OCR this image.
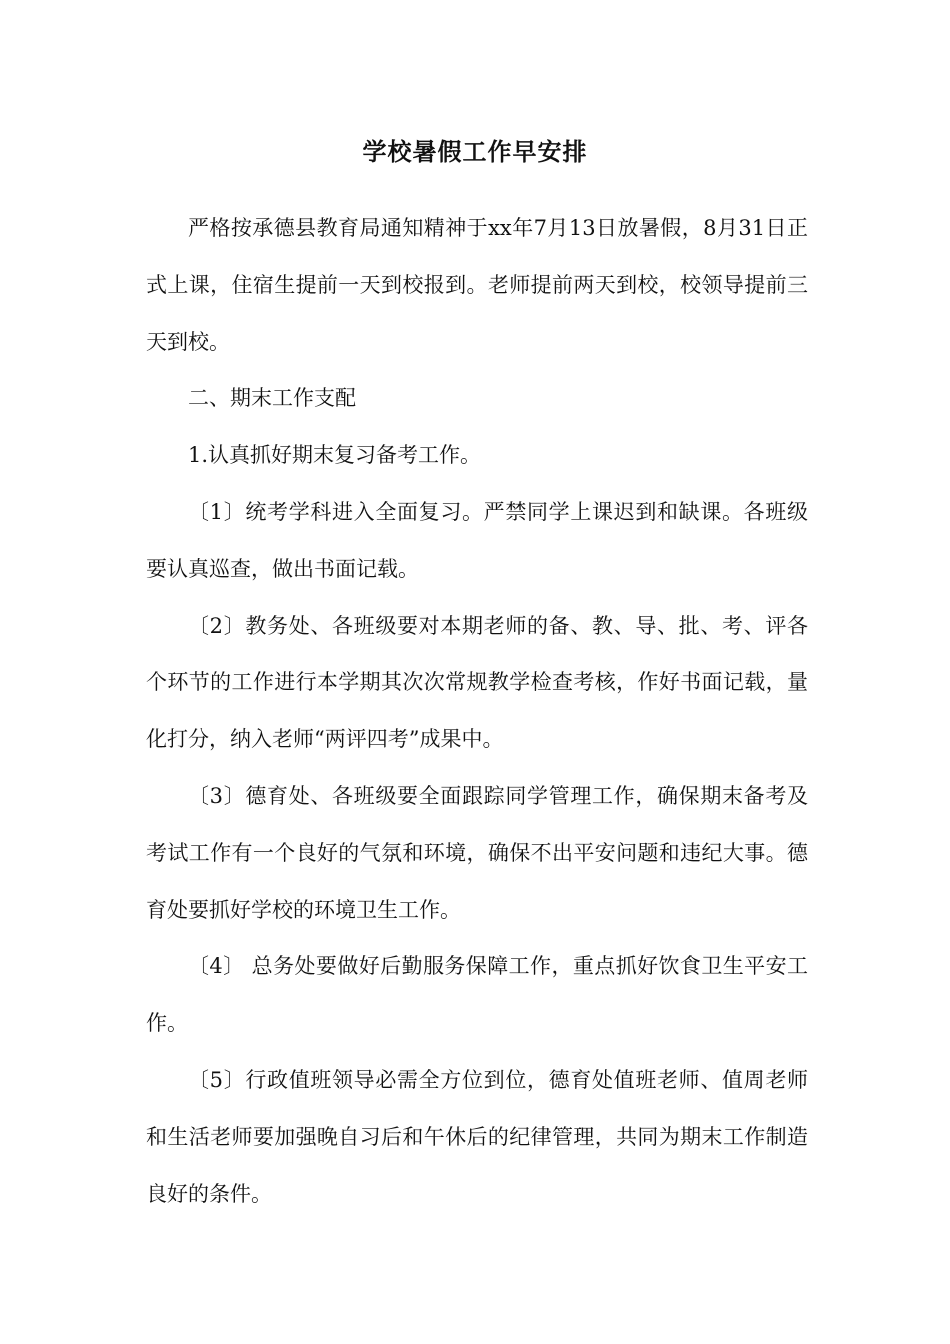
学校暑假工作早安排

严格按承德县教育局通知精神于xx年7月13日放暑假，8月31日正式上课，住宿生提前一天到校报到。老师提前两天到校，校领导提前三天到校。

二、期末工作支配

1.认真抓好期末复习备考工作。

〔1〕统考学科进入全面复习。严禁同学上课迟到和缺课。各班级要认真巡查，做出书面记载。

〔2〕教务处、各班级要对本期老师的备、教、导、批、考、评各个环节的工作进行本学期其次次常规教学检查考核，作好书面记载，量化打分，纳入老师“两评四考”成果中。

〔3〕德育处、各班级要全面跟踪同学管理工作，确保期末备考及考试工作有一个良好的气氛和环境，确保不出平安问题和违纪大事。德育处要抓好学校的环境卫生工作。

〔4〕 总务处要做好后勤服务保障工作，重点抓好饮食卫生平安工作。

〔5〕行政值班领导必需全方位到位，德育处值班老师、值周老师和生活老师要加强晚自习后和午休后的纪律管理，共同为期末工作制造良好的条件。
